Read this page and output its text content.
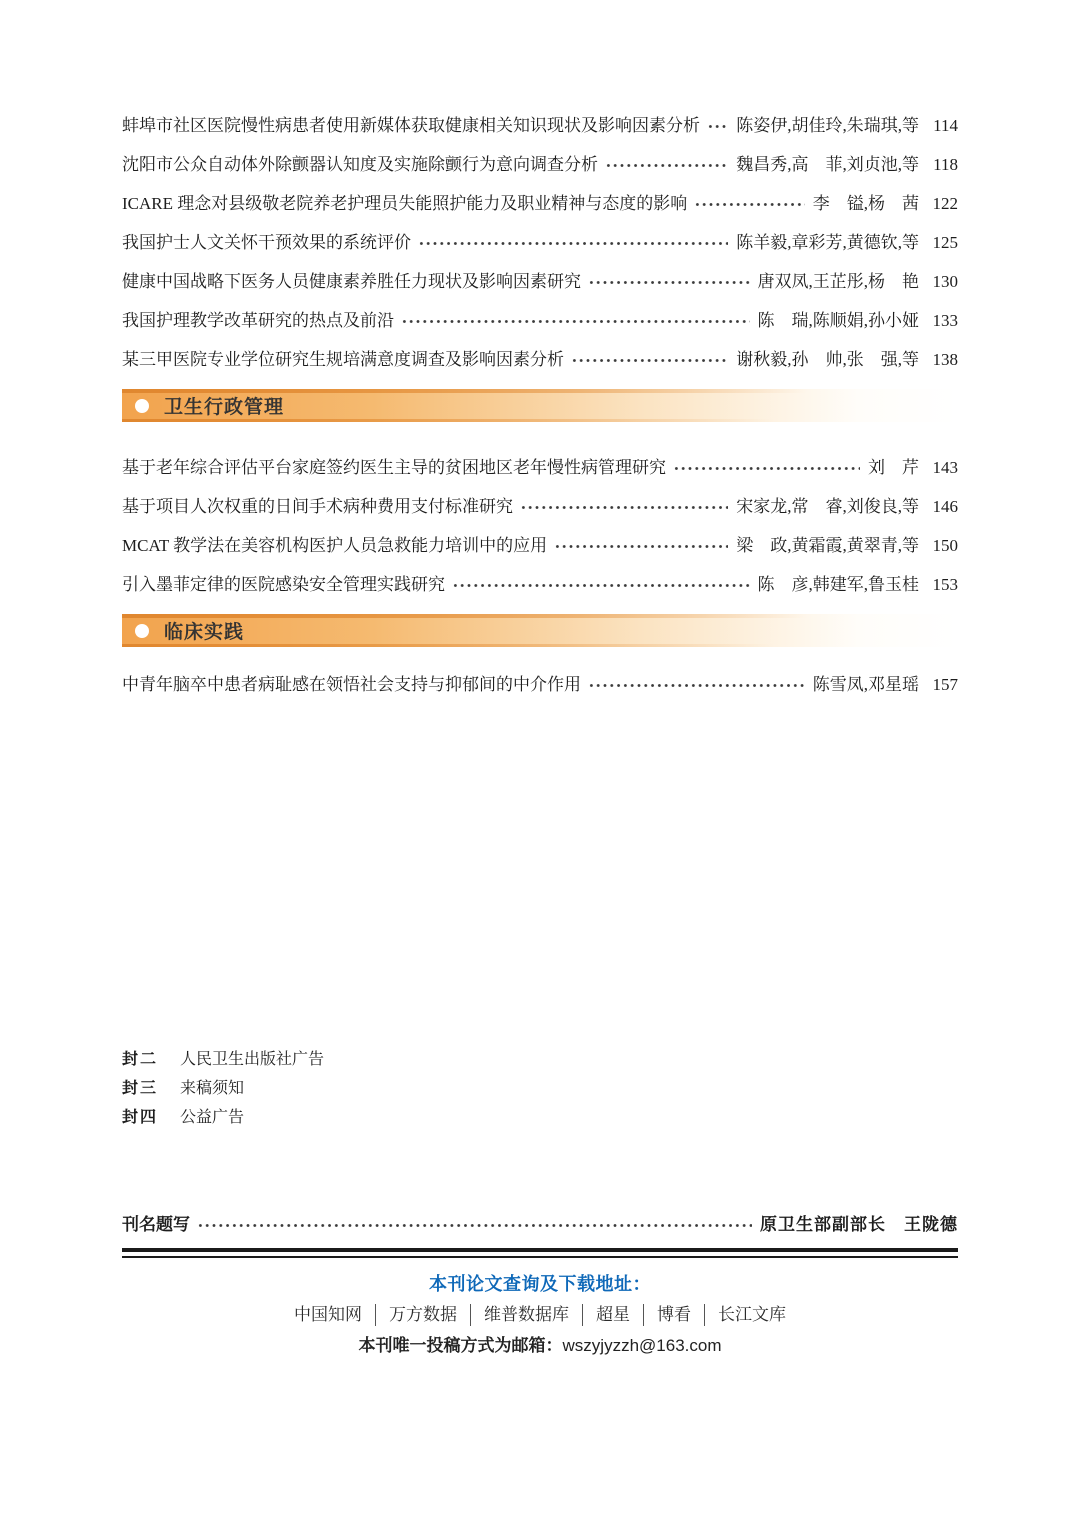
蚌埠市社区医院慢性病患者使用新媒体获取健康相关知识现状及影响因素分析 陈姿伊,胡佳玲,朱瑞琪,等 114
沈阳市公众自动体外除颤器认知度及实施除颤行为意向调查分析	魏昌秀,高　菲,刘贞池,等 118
ICARE 理念对县级敬老院养老护理员失能照护能力及职业精神与态度的影响	李　镒,杨　茜 122
我国护士人文关怀干预效果的系统评价	陈羊毅,章彩芳,黄德钦,等 125
健康中国战略下医务人员健康素养胜任力现状及影响因素研究	唐双凤,王芷彤,杨　艳 130
我国护理教学改革研究的热点及前沿	陈　瑞,陈顺娟,孙小娅 133
某三甲医院专业学位研究生规培满意度调查及影响因素分析	谢秋毅,孙　帅,张　强,等 138
卫生行政管理
基于老年综合评估平台家庭签约医生主导的贫困地区老年慢性病管理研究	刘　芹 143
基于项目人次权重的日间手术病种费用支付标准研究	宋家龙,常　睿,刘俊良,等 146
MCAT 教学法在美容机构医护人员急救能力培训中的应用	梁　政,黄霜霞,黄翠青,等 150
引入墨菲定律的医院感染安全管理实践研究	陈　彦,韩建军,鲁玉桂 153
临床实践
中青年脑卒中患者病耻感在领悟社会支持与抑郁间的中介作用	陈雪凤,邓星瑶 157
封二	人民卫生出版社广告
封三	来稿须知
封四	公益广告
刊名题写	原卫生部副部长　王陇德
本刊论文查询及下载地址：
中国知网	万方数据	维普数据库	超星	博看	长江文库
本刊唯一投稿方式为邮箱：wszyjyzzh@163.com
